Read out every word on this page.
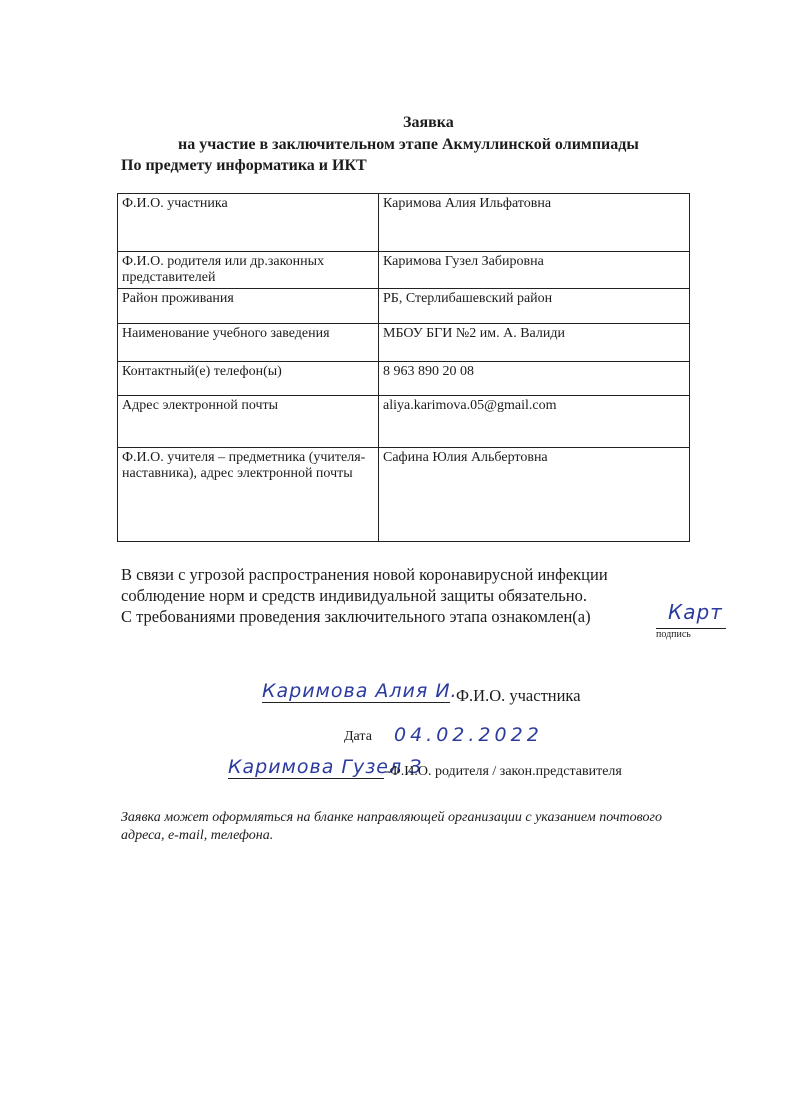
Заявка
на участие в заключительном этапе Акмуллинской олимпиады
По предмету информатика и ИКТ
Ф.И.О. участника	Каримова Алия Ильфатовна
Ф.И.О. родителя или др.законных представителей	Каримова Гузел Забировна
Район проживания	РБ, Стерлибашевский район
Наименование учебного заведения	МБОУ БГИ №2 им. А. Валиди
Контактный(е) телефон(ы)	8 963 890 20 08
Адрес электронной почты	aliya.karimova.05@gmail.com
Ф.И.О. учителя – предметника (учителя-наставника), адрес электронной почты	Сафина Юлия Альбертовна
В связи с угрозой распространения новой коронавирусной инфекции
соблюдение норм и средств индивидуальной защиты обязательно.
С требованиями проведения заключительного этапа ознакомлен(а)	Карт
подпись
Каримова Алия И.
Ф.И.О. участника
Дата 04.02.2022
Каримова Гузел З
-Ф.И.О. родителя / закон.представителя
Заявка может оформляться на бланке направляющей организации с указанием почтового адреса, e-mail, телефона.
